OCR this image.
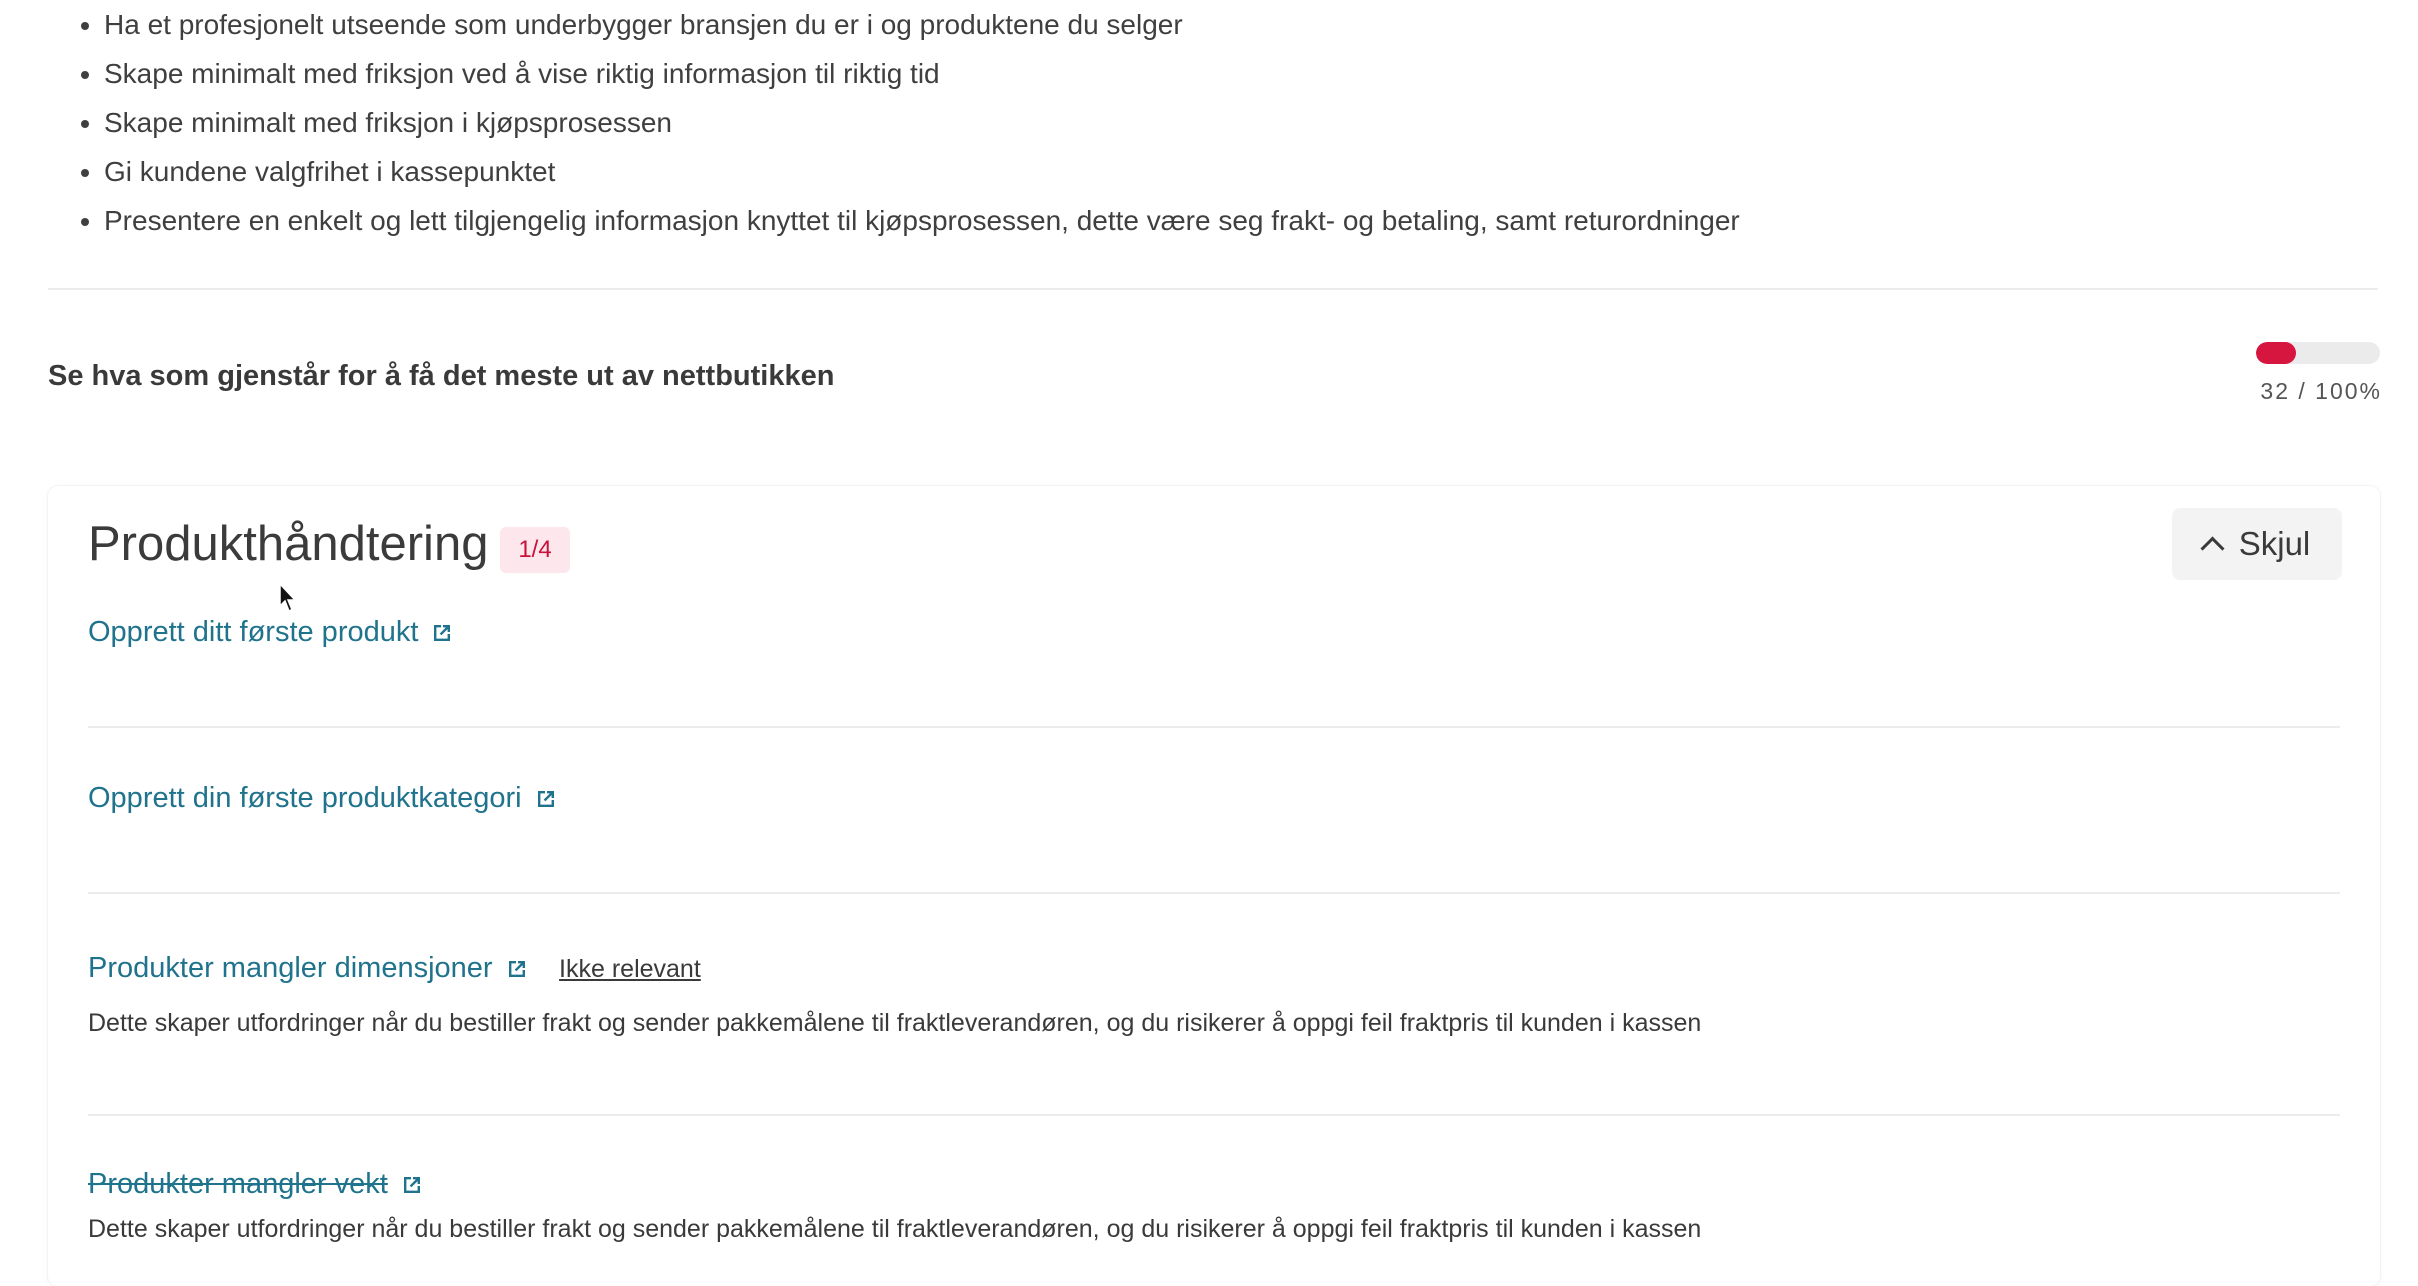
• Ha et profesjonelt utseende som underbygger bransjen du er i og produktene du selger
• Skape minimalt med friksjon ved å vise riktig informasjon til riktig tid
• Skape minimalt med friksjon i kjøpsprosessen
• Gi kundene valgfrihet i kassepunktet
• Presentere en enkelt og lett tilgjengelig informasjon knyttet til kjøpsprosessen, dette være seg frakt- og betaling, samt returordninger
Se hva som gjenstår for å få det meste ut av nettbutikken	32 / 100%
Produkthåndtering	1/4	Skjul
Opprett ditt første produkt
Opprett din første produktkategori
Produkter mangler dimensjoner	Ikke relevant
Dette skaper utfordringer når du bestiller frakt og sender pakkemålene til fraktleverandøren, og du risikerer å oppgi feil fraktpris til kunden i kassen
Produkter mangler vekt
Dette skaper utfordringer når du bestiller frakt og sender pakkemålene til fraktleverandøren, og du risikerer å oppgi feil fraktpris til kunden i kassen
